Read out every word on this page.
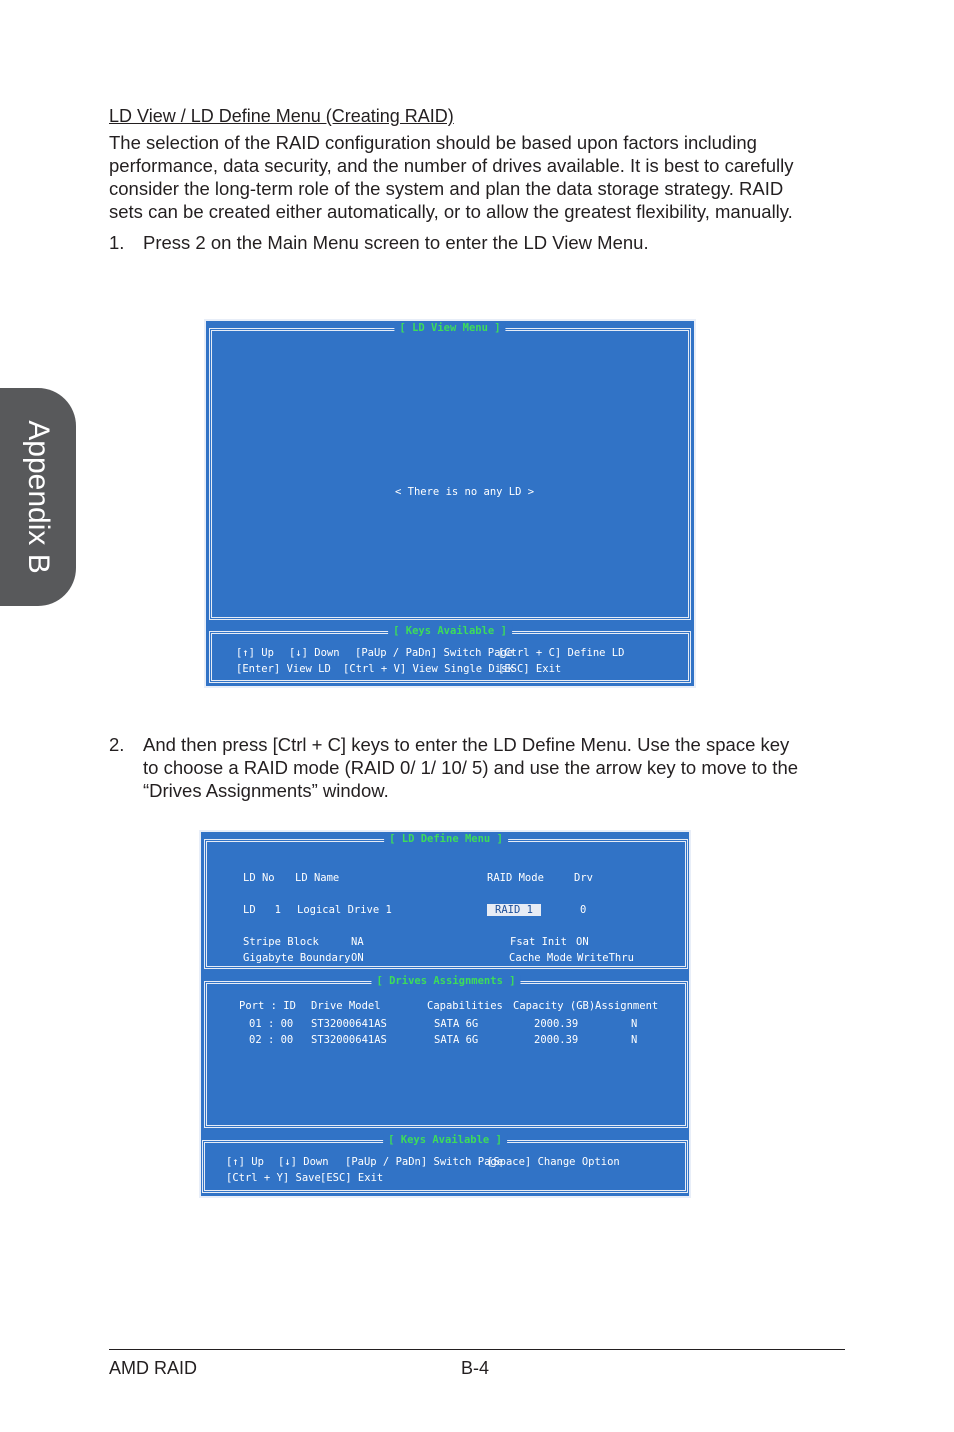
Appendix B
LD View / LD Define Menu (Creating RAID)

The selection of the RAID configuration should be based upon factors including

performance, data security, and the number of drives available. It is best to carefully

consider the long-term role of the system and plan the data storage strategy. RAID

sets can be created either automatically, or to allow the greatest flexibility, manually.

1. Press 2 on the Main Menu screen to enter the LD View Menu.

[ LD View Menu ]
< There is no any LD >
[ Keys Available ]
[↑] Up [↓] Down [PaUp / PaDn] Switch Page
[Ctrl + C] Define LD
[Enter] View LD [Ctrl + V] View Single Disk
[ESC] Exit
2. And then press [Ctrl + C] keys to enter the LD Define Menu. Use the space key

to choose a RAID mode (RAID 0/ 1/ 10/ 5) and use the arrow key to move to the

“Drives Assignments” window.

[ LD Define Menu ]
LD No LD Name	RAID Mode	Drv
LD   1 Logical Drive 1	RAID 1	0
Stripe Block	NA	Fsat Init ON
Gigabyte Boundary ON	Cache Mode WriteThru
[ Drives Assignments ]
Port : ID Drive Model	Capabilities Capacity (GB) Assignment
01 : 00 ST32000641AS	SATA 6G	2000.39	N
02 : 00 ST32000641AS	SATA 6G	2000.39	N
[ Keys Available ]
[↑] Up [↓] Down [PaUp / PaDn] Switch Page
[Space] Change Option
[Ctrl + Y] Save [ESC] Exit
AMD RAID	B-4
